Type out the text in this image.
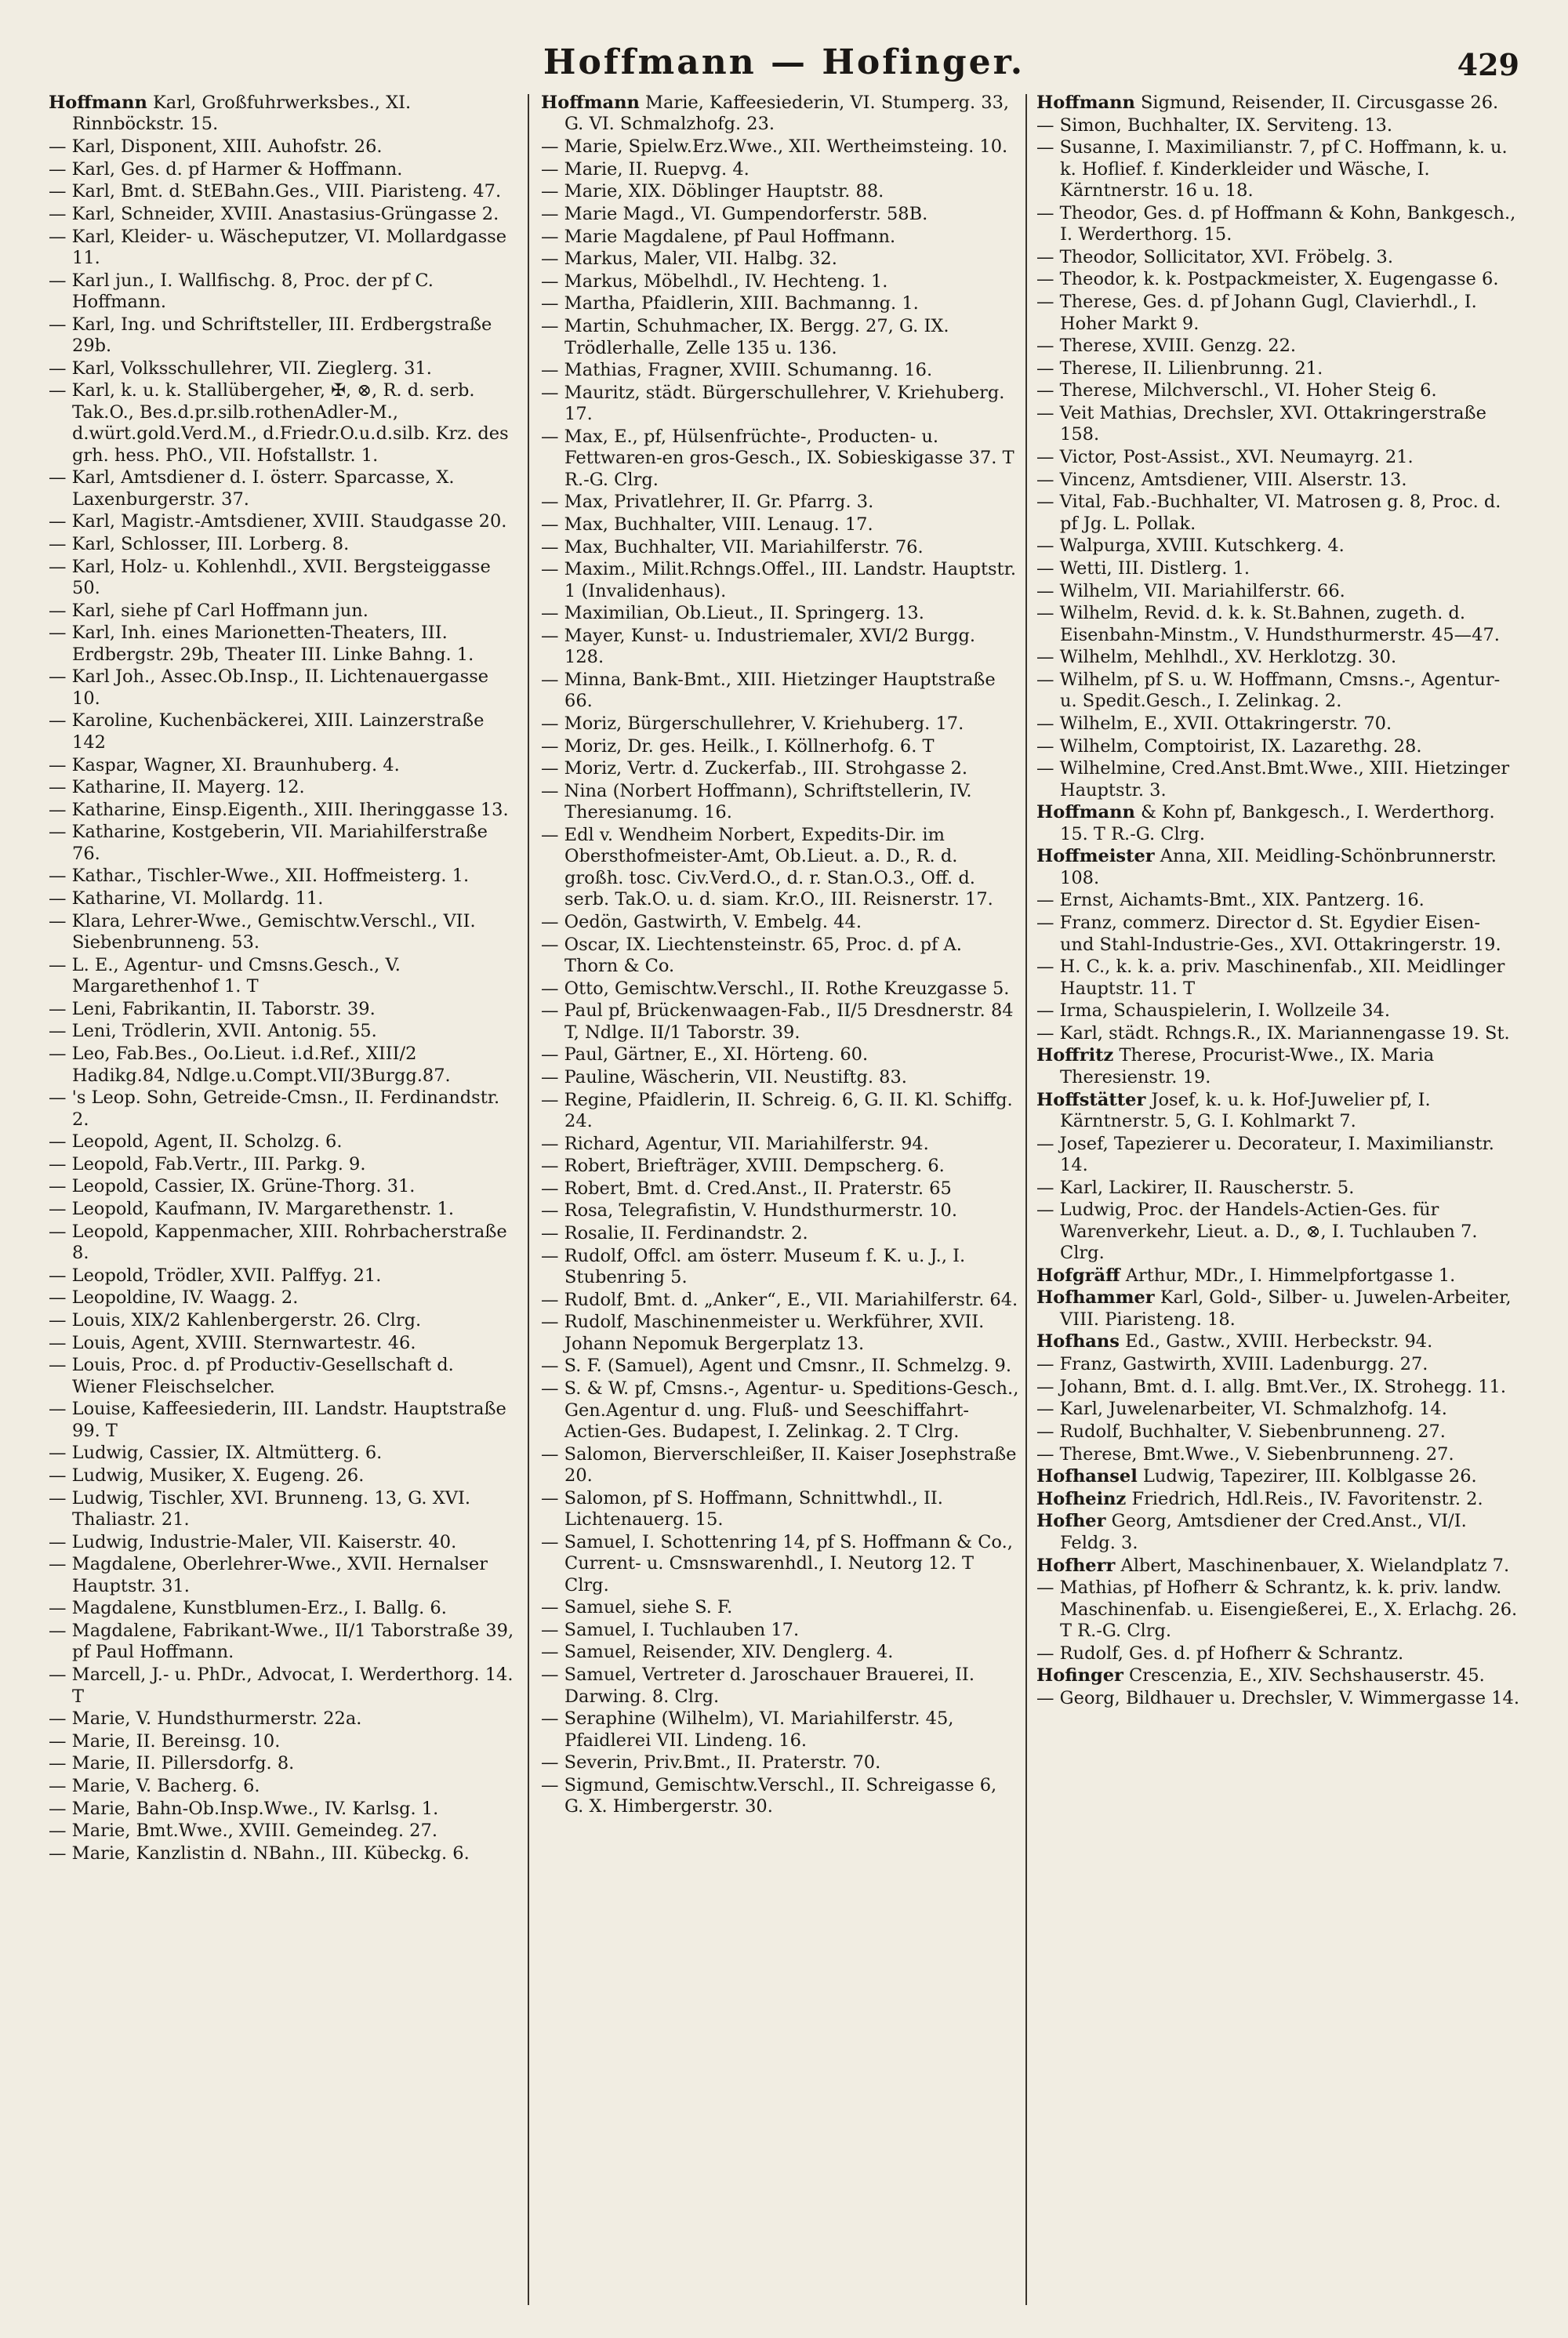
Hoffmann — Hofinger.	429
Hoffmann Karl, Großfuhrwerksbes., XI. Rinnböckstr. 15.
— Karl, Disponent, XIII. Auhofstr. 26.
— Karl, Ges. d. pf Harmer & Hoffmann.
— Karl, Bmt. d. StEBahn.Ges., VIII. Piaristeng. 47.
— Karl, Schneider, XVIII. Anastasius-Grüngasse 2.
— Karl, Kleider- u. Wäscheputzer, VI. Mollardgasse 11.
— Karl jun., I. Wallfischg. 8, Proc. der pf C. Hoffmann.
— Karl, Ing. und Schriftsteller, III. Erdbergstraße 29b.
— Karl, Volksschullehrer, VII. Zieglerg. 31.
— Karl, k. u. k. Stallübergeher, ✠, ⊗, R. d. serb. Tak.O., Bes.d.pr.silb.rothenAdler-M., d.würt.gold.Verd.M., d.Friedr.O.u.d.silb. Krz. des grh. hess. PhO., VII. Hofstallstr. 1.
— Karl, Amtsdiener d. I. österr. Sparcasse, X. Laxenburgerstr. 37.
— Karl, Magistr.-Amtsdiener, XVIII. Staudgasse 20.
— Karl, Schlosser, III. Lorberg. 8.
— Karl, Holz- u. Kohlenhdl., XVII. Bergsteiggasse 50.
— Karl, siehe pf Carl Hoffmann jun.
— Karl, Inh. eines Marionetten-Theaters, III. Erdbergstr. 29b, Theater III. Linke Bahng. 1.
— Karl Joh., Assec.Ob.Insp., II. Lichtenauergasse 10.
— Karoline, Kuchenbäckerei, XIII. Lainzerstraße 142
— Kaspar, Wagner, XI. Braunhuberg. 4.
— Katharine, II. Mayerg. 12.
— Katharine, Einsp.Eigenth., XIII. Iheringgasse 13.
— Katharine, Kostgeberin, VII. Mariahilferstraße 76.
— Kathar., Tischler-Wwe., XII. Hoffmeisterg. 1.
— Katharine, VI. Mollardg. 11.
— Klara, Lehrer-Wwe., Gemischtw.Verschl., VII. Siebenbrunneng. 53.
— L. E., Agentur- und Cmsns.Gesch., V. Margarethenhof 1. T
— Leni, Fabrikantin, II. Taborstr. 39.
— Leni, Trödlerin, XVII. Antonig. 55.
— Leo, Fab.Bes., Oo.Lieut. i.d.Ref., XIII/2 Hadikg.84, Ndlge.u.Compt.VII/3Burgg.87.
— 's Leop. Sohn, Getreide-Cmsn., II. Ferdinandstr. 2.
— Leopold, Agent, II. Scholzg. 6.
— Leopold, Fab.Vertr., III. Parkg. 9.
— Leopold, Cassier, IX. Grüne-Thorg. 31.
— Leopold, Kaufmann, IV. Margarethenstr. 1.
— Leopold, Kappenmacher, XIII. Rohrbacherstraße 8.
— Leopold, Trödler, XVII. Palffyg. 21.
— Leopoldine, IV. Waagg. 2.
— Louis, XIX/2 Kahlenbergerstr. 26. Clrg.
— Louis, Agent, XVIII. Sternwartestr. 46.
— Louis, Proc. d. pf Productiv-Gesellschaft d. Wiener Fleischselcher.
— Louise, Kaffeesiederin, III. Landstr. Hauptstraße 99. T
— Ludwig, Cassier, IX. Altmütterg. 6.
— Ludwig, Musiker, X. Eugeng. 26.
— Ludwig, Tischler, XVI. Brunneng. 13, G. XVI. Thaliastr. 21.
— Ludwig, Industrie-Maler, VII. Kaiserstr. 40.
— Magdalene, Oberlehrer-Wwe., XVII. Hernalser Hauptstr. 31.
— Magdalene, Kunstblumen-Erz., I. Ballg. 6.
— Magdalene, Fabrikant-Wwe., II/1 Taborstraße 39, pf Paul Hoffmann.
— Marcell, J.- u. PhDr., Advocat, I. Werderthorg. 14. T
— Marie, V. Hundsthurmerstr. 22a.
— Marie, II. Bereinsg. 10.
— Marie, II. Pillersdorfg. 8.
— Marie, V. Bacherg. 6.
— Marie, Bahn-Ob.Insp.Wwe., IV. Karlsg. 1.
— Marie, Bmt.Wwe., XVIII. Gemeindeg. 27.
— Marie, Kanzlistin d. NBahn., III. Kübeckg. 6.
Hoffmann Marie, Kaffeesiederin, VI. Stumperg. 33, G. VI. Schmalzhofg. 23.
— Marie, Spielw.Erz.Wwe., XII. Wertheimsteing. 10.
— Marie, II. Ruepvg. 4.
— Marie, XIX. Döblinger Hauptstr. 88.
— Marie Magd., VI. Gumpendorferstr. 58B.
— Marie Magdalene, pf Paul Hoffmann.
— Markus, Maler, VII. Halbg. 32.
— Markus, Möbelhdl., IV. Hechteng. 1.
— Martha, Pfaidlerin, XIII. Bachmanng. 1.
— Martin, Schuhmacher, IX. Bergg. 27, G. IX. Trödlerhalle, Zelle 135 u. 136.
— Mathias, Fragner, XVIII. Schumanng. 16.
— Mauritz, städt. Bürgerschullehrer, V. Kriehuberg. 17.
— Max, E., pf, Hülsenfrüchte-, Producten- u. Fettwaren-en gros-Gesch., IX. Sobieskigasse 37. T R.-G. Clrg.
— Max, Privatlehrer, II. Gr. Pfarrg. 3.
— Max, Buchhalter, VIII. Lenaug. 17.
— Max, Buchhalter, VII. Mariahilferstr. 76.
— Maxim., Milit.Rchngs.Offel., III. Landstr. Hauptstr. 1 (Invalidenhaus).
— Maximilian, Ob.Lieut., II. Springerg. 13.
— Mayer, Kunst- u. Industriemaler, XVI/2 Burgg. 128.
— Minna, Bank-Bmt., XIII. Hietzinger Hauptstraße 66.
— Moriz, Bürgerschullehrer, V. Kriehuberg. 17.
— Moriz, Dr. ges. Heilk., I. Köllnerhofg. 6. T
— Moriz, Vertr. d. Zuckerfab., III. Strohgasse 2.
— Nina (Norbert Hoffmann), Schriftstellerin, IV. Theresianumg. 16.
— Edl v. Wendheim Norbert, Expedits-Dir. im Obersthofmeister-Amt, Ob.Lieut. a. D., R. d. großh. tosc. Civ.Verd.O., d. r. Stan.O.3., Off. d. serb. Tak.O. u. d. siam. Kr.O., III. Reisnerstr. 17.
— Oedön, Gastwirth, V. Embelg. 44.
— Oscar, IX. Liechtensteinstr. 65, Proc. d. pf A. Thorn & Co.
— Otto, Gemischtw.Verschl., II. Rothe Kreuzgasse 5.
— Paul pf, Brückenwaagen-Fab., II/5 Dresdnerstr. 84 T, Ndlge. II/1 Taborstr. 39.
— Paul, Gärtner, E., XI. Hörteng. 60.
— Pauline, Wäscherin, VII. Neustiftg. 83.
— Regine, Pfaidlerin, II. Schreig. 6, G. II. Kl. Schiffg. 24.
— Richard, Agentur, VII. Mariahilferstr. 94.
— Robert, Briefträger, XVIII. Dempscherg. 6.
— Robert, Bmt. d. Cred.Anst., II. Praterstr. 65
— Rosa, Telegrafistin, V. Hundsthurmerstr. 10.
— Rosalie, II. Ferdinandstr. 2.
— Rudolf, Offcl. am österr. Museum f. K. u. J., I. Stubenring 5.
— Rudolf, Bmt. d. „Anker“, E., VII. Mariahilferstr. 64.
— Rudolf, Maschinenmeister u. Werkführer, XVII. Johann Nepomuk Bergerplatz 13.
— S. F. (Samuel), Agent und Cmsnr., II. Schmelzg. 9.
— S. & W. pf, Cmsns.-, Agentur- u. Speditions-Gesch., Gen.Agentur d. ung. Fluß- und Seeschiffahrt-Actien-Ges. Budapest, I. Zelinkag. 2. T Clrg.
— Salomon, Bierverschleißer, II. Kaiser Josephstraße 20.
— Salomon, pf S. Hoffmann, Schnittwhdl., II. Lichtenauerg. 15.
— Samuel, I. Schottenring 14, pf S. Hoffmann & Co., Current- u. Cmsnswarenhdl., I. Neutorg 12. T Clrg.
— Samuel, siehe S. F.
— Samuel, I. Tuchlauben 17.
— Samuel, Reisender, XIV. Denglerg. 4.
— Samuel, Vertreter d. Jaroschauer Brauerei, II. Darwing. 8. Clrg.
— Seraphine (Wilhelm), VI. Mariahilferstr. 45, Pfaidlerei VII. Lindeng. 16.
— Severin, Priv.Bmt., II. Praterstr. 70.
— Sigmund, Gemischtw.Verschl., II. Schreigasse 6, G. X. Himbergerstr. 30.
Hoffmann Sigmund, Reisender, II. Circusgasse 26.
— Simon, Buchhalter, IX. Serviteng. 13.
— Susanne, I. Maximilianstr. 7, pf C. Hoffmann, k. u. k. Hoflief. f. Kinderkleider und Wäsche, I. Kärntnerstr. 16 u. 18.
— Theodor, Ges. d. pf Hoffmann & Kohn, Bankgesch., I. Werderthorg. 15.
— Theodor, Sollicitator, XVI. Fröbelg. 3.
— Theodor, k. k. Postpackmeister, X. Eugengasse 6.
— Therese, Ges. d. pf Johann Gugl, Clavierhdl., I. Hoher Markt 9.
— Therese, XVIII. Genzg. 22.
— Therese, II. Lilienbrunng. 21.
— Therese, Milchverschl., VI. Hoher Steig 6.
— Veit Mathias, Drechsler, XVI. Ottakringerstraße 158.
— Victor, Post-Assist., XVI. Neumayrg. 21.
— Vincenz, Amtsdiener, VIII. Alserstr. 13.
— Vital, Fab.-Buchhalter, VI. Matrosen g. 8, Proc. d. pf Jg. L. Pollak.
— Walpurga, XVIII. Kutschkerg. 4.
— Wetti, III. Distlerg. 1.
— Wilhelm, VII. Mariahilferstr. 66.
— Wilhelm, Revid. d. k. k. St.Bahnen, zugeth. d. Eisenbahn-Minstm., V. Hundsthurmerstr. 45—47.
— Wilhelm, Mehlhdl., XV. Herklotzg. 30.
— Wilhelm, pf S. u. W. Hoffmann, Cmsns.-, Agentur- u. Spedit.Gesch., I. Zelinkag. 2.
— Wilhelm, E., XVII. Ottakringerstr. 70.
— Wilhelm, Comptoirist, IX. Lazarethg. 28.
— Wilhelmine, Cred.Anst.Bmt.Wwe., XIII. Hietzinger Hauptstr. 3.
Hoffmann & Kohn pf, Bankgesch., I. Werderthorg. 15. T R.-G. Clrg.
Hoffmeister Anna, XII. Meidling-Schönbrunnerstr. 108.
— Ernst, Aichamts-Bmt., XIX. Pantzerg. 16.
— Franz, commerz. Director d. St. Egydier Eisen- und Stahl-Industrie-Ges., XVI. Ottakringerstr. 19.
— H. C., k. k. a. priv. Maschinenfab., XII. Meidlinger Hauptstr. 11. T
— Irma, Schauspielerin, I. Wollzeile 34.
— Karl, städt. Rchngs.R., IX. Mariannengasse 19. St.
Hoffritz Therese, Procurist-Wwe., IX. Maria Theresienstr. 19.
Hoffstätter Josef, k. u. k. Hof-Juwelier pf, I. Kärntnerstr. 5, G. I. Kohlmarkt 7.
— Josef, Tapezierer u. Decorateur, I. Maximilianstr. 14.
— Karl, Lackirer, II. Rauscherstr. 5.
— Ludwig, Proc. der Handels-Actien-Ges. für Warenverkehr, Lieut. a. D., ⊗, I. Tuchlauben 7. Clrg.
Hofgräff Arthur, MDr., I. Himmelpfortgasse 1.
Hofhammer Karl, Gold-, Silber- u. Juwelen-Arbeiter, VIII. Piaristeng. 18.
Hofhans Ed., Gastw., XVIII. Herbeckstr. 94.
— Franz, Gastwirth, XVIII. Ladenburgg. 27.
— Johann, Bmt. d. I. allg. Bmt.Ver., IX. Strohegg. 11.
— Karl, Juwelenarbeiter, VI. Schmalzhofg. 14.
— Rudolf, Buchhalter, V. Siebenbrunneng. 27.
— Therese, Bmt.Wwe., V. Siebenbrunneng. 27.
Hofhansel Ludwig, Tapezirer, III. Kolblgasse 26.
Hofheinz Friedrich, Hdl.Reis., IV. Favoritenstr. 2.
Hofher Georg, Amtsdiener der Cred.Anst., VI/I. Feldg. 3.
Hofherr Albert, Maschinenbauer, X. Wielandplatz 7.
— Mathias, pf Hofherr & Schrantz, k. k. priv. landw. Maschinenfab. u. Eisengießerei, E., X. Erlachg. 26. T R.-G. Clrg.
— Rudolf, Ges. d. pf Hofherr & Schrantz.
Hofinger Crescenzia, E., XIV. Sechshauserstr. 45.
— Georg, Bildhauer u. Drechsler, V. Wimmergasse 14.
